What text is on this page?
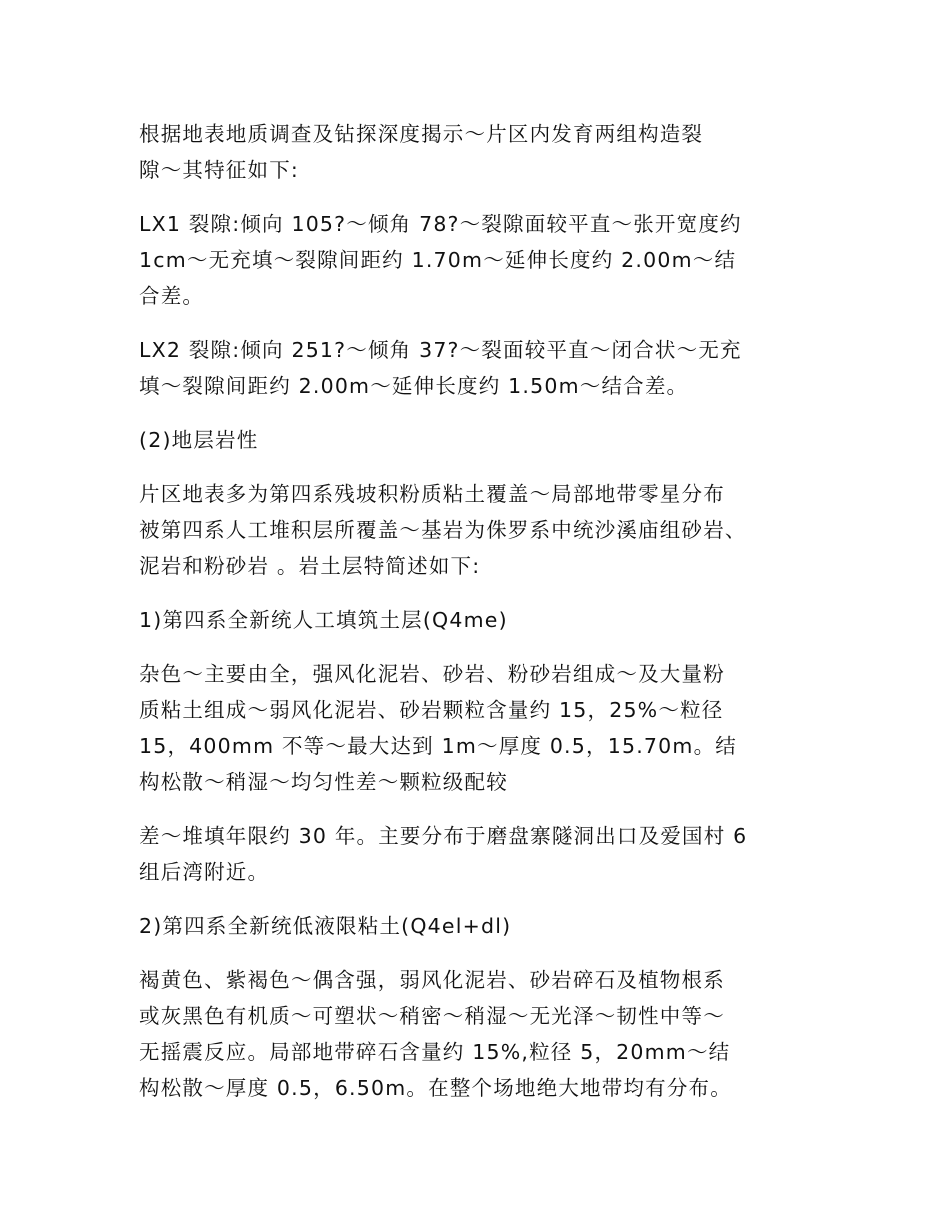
根据地表地质调查及钻探深度揭示～片区内发育两组构造裂
隙～其特征如下:

LX1 裂隙:倾向 105?～倾角 78?～裂隙面较平直～张开宽度约
1cm～无充填～裂隙间距约 1.70m～延伸长度约 2.00m～结
合差。

LX2 裂隙:倾向 251?～倾角 37?～裂面较平直～闭合状～无充
填～裂隙间距约 2.00m～延伸长度约 1.50m～结合差。

(2)地层岩性

片区地表多为第四系残坡积粉质粘土覆盖～局部地带零星分布
被第四系人工堆积层所覆盖～基岩为侏罗系中统沙溪庙组砂岩、
泥岩和粉砂岩 。岩土层特简述如下:

1)第四系全新统人工填筑土层(Q4me)

杂色～主要由全，强风化泥岩、砂岩、粉砂岩组成～及大量粉
质粘土组成～弱风化泥岩、砂岩颗粒含量约 15，25%～粒径
15，400mm 不等～最大达到 1m～厚度 0.5，15.70m。结
构松散～稍湿～均匀性差～颗粒级配较

差～堆填年限约 30 年。主要分布于磨盘寨隧洞出口及爱国村 6
组后湾附近。

2)第四系全新统低液限粘土(Q4el+dl)

褐黄色、紫褐色～偶含强，弱风化泥岩、砂岩碎石及植物根系
或灰黑色有机质～可塑状～稍密～稍湿～无光泽～韧性中等～
无摇震反应。局部地带碎石含量约 15%,粒径 5，20mm～结
构松散～厚度 0.5，6.50m。在整个场地绝大地带均有分布。
